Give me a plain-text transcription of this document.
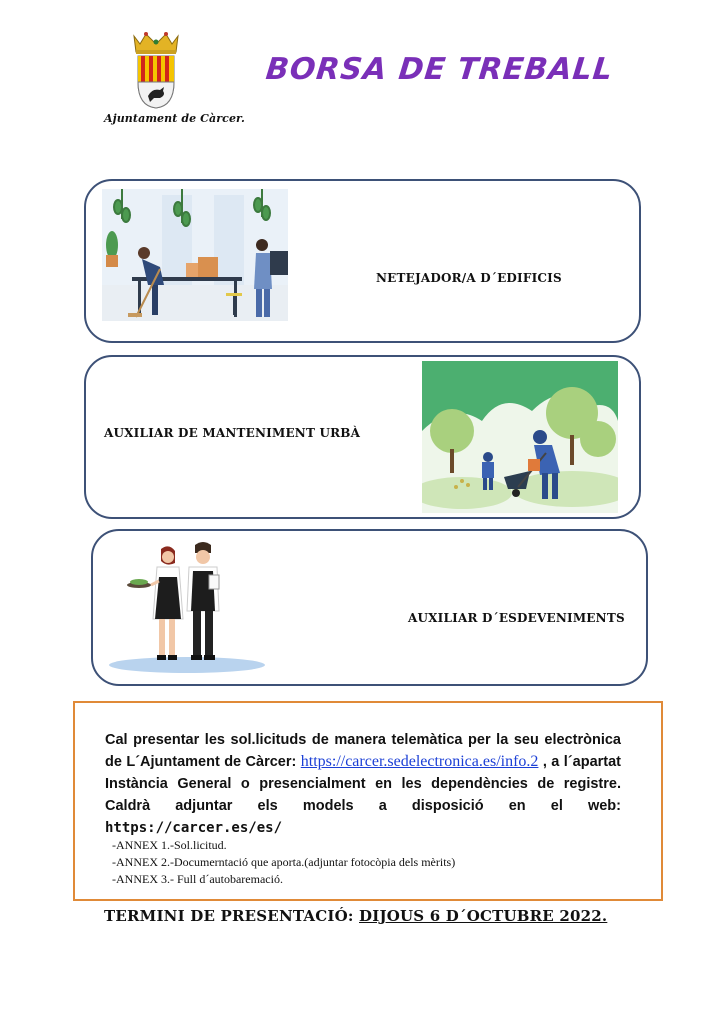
Ajuntament de Càrcer.
BORSA DE TREBALL
NETEJADOR/A D´EDIFICIS
AUXILIAR DE MANTENIMENT URBÀ
AUXILIAR D´ESDEVENIMENTS
Cal presentar les sol.licituds de manera telemàtica per la seu electrònica de L´Ajuntament de Càrcer: https://carcer.sedelectronica.es/info.2 , a l´apartat Instància General o presencialment en les dependències de registre. Caldrà adjuntar els models a disposició en el web: https://carcer.es/es/
-ANNEX 1.-Sol.licitud.
-ANNEX 2.-Documerntació que aporta.(adjuntar fotocòpia dels mèrits)
-ANNEX 3.- Full d´autobaremació.
TERMINI DE PRESENTACIÓ: DIJOUS 6 D´OCTUBRE 2022.
